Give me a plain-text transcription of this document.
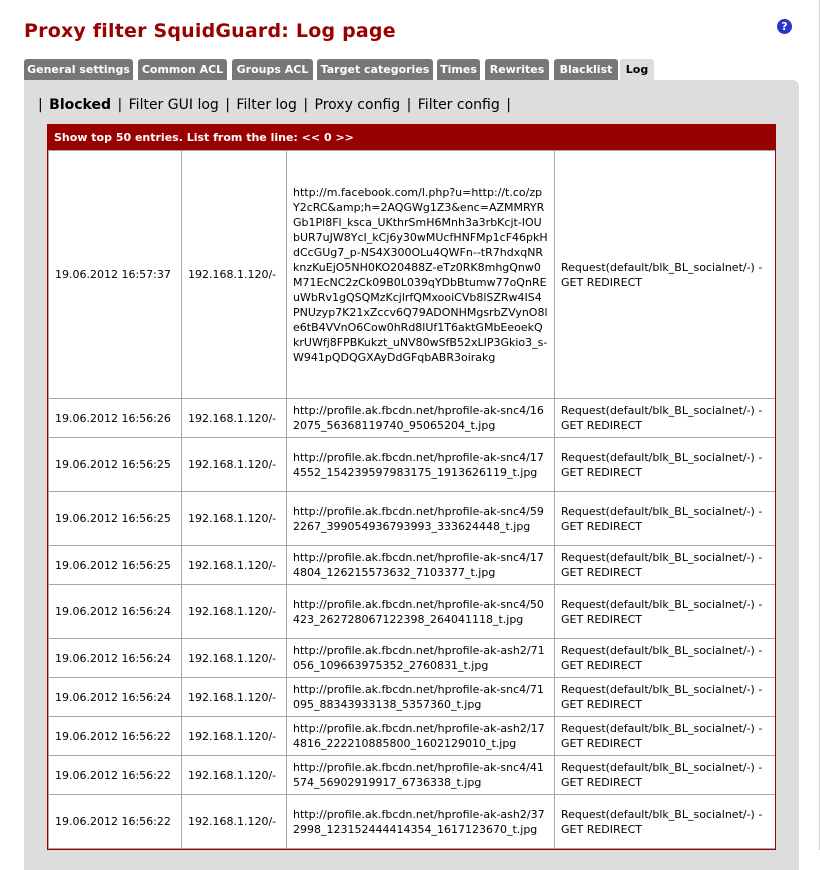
Proxy filter SquidGuard: Log page	?
General settings	Common ACL	Groups ACL	Target categories Times	Rewrites	Blacklist	Log
| Blocked | Filter GUI log | Filter log | Proxy config | Filter config |
Show top 50 entries. List from the line: << 0 >>
19.06.2012 16:57:37	192.168.1.120/-	http://m.facebook.com/l.php?u=http://t.co/zpY2cRC&amp;h=2AQGWg1Z3&enc=AZMMRYRGb1Pl8Fl_ksca_UKthrSmH6Mnh3a3rbKcjt-IOUbUR7uJW8YcI_kCj6y30wMUcfHNFMp1cF46pkHdCcGUg7_p-NS4X300OLu4QWFn--tR7hdxqNRknzKuEjO5NH0KO20488Z-eTz0RK8mhgQnw0M71EcNC2zCk09B0L039qYDbBtumw77oQnREuWbRv1gQSQMzKcjlrfQMxooiCVb8lSZRw4IS4PNUzyp7K21xZccv6Q79ADONHMgsrbZVynO8le6tB4VVnO6Cow0hRd8lUf1T6aktGMbEeoekQkrUWfj8FPBKukzt_uNV80wSfB52xLIP3Gkio3_s-W941pQDQGXAyDdGFqbABR3oirakg	Request(default/blk_BL_socialnet/-) - GET REDIRECT
19.06.2012 16:56:26	192.168.1.120/-	http://profile.ak.fbcdn.net/hprofile-ak-snc4/162075_56368119740_95065204_t.jpg	Request(default/blk_BL_socialnet/-) - GET REDIRECT
19.06.2012 16:56:25	192.168.1.120/-	http://profile.ak.fbcdn.net/hprofile-ak-snc4/174552_154239597983175_1913626119_t.jpg	Request(default/blk_BL_socialnet/-) - GET REDIRECT
19.06.2012 16:56:25	192.168.1.120/-	http://profile.ak.fbcdn.net/hprofile-ak-snc4/592267_399054936793993_333624448_t.jpg	Request(default/blk_BL_socialnet/-) - GET REDIRECT
19.06.2012 16:56:25	192.168.1.120/-	http://profile.ak.fbcdn.net/hprofile-ak-snc4/174804_126215573632_7103377_t.jpg	Request(default/blk_BL_socialnet/-) - GET REDIRECT
19.06.2012 16:56:24	192.168.1.120/-	http://profile.ak.fbcdn.net/hprofile-ak-snc4/50423_262728067122398_264041118_t.jpg	Request(default/blk_BL_socialnet/-) - GET REDIRECT
19.06.2012 16:56:24	192.168.1.120/-	http://profile.ak.fbcdn.net/hprofile-ak-ash2/71056_109663975352_2760831_t.jpg	Request(default/blk_BL_socialnet/-) - GET REDIRECT
19.06.2012 16:56:24	192.168.1.120/-	http://profile.ak.fbcdn.net/hprofile-ak-snc4/71095_88343933138_5357360_t.jpg	Request(default/blk_BL_socialnet/-) - GET REDIRECT
19.06.2012 16:56:22	192.168.1.120/-	http://profile.ak.fbcdn.net/hprofile-ak-ash2/174816_222210885800_1602129010_t.jpg	Request(default/blk_BL_socialnet/-) - GET REDIRECT
19.06.2012 16:56:22	192.168.1.120/-	http://profile.ak.fbcdn.net/hprofile-ak-snc4/41574_56902919917_6736338_t.jpg	Request(default/blk_BL_socialnet/-) - GET REDIRECT
19.06.2012 16:56:22	192.168.1.120/-	http://profile.ak.fbcdn.net/hprofile-ak-ash2/372998_123152444414354_1617123670_t.jpg	Request(default/blk_BL_socialnet/-) - GET REDIRECT
